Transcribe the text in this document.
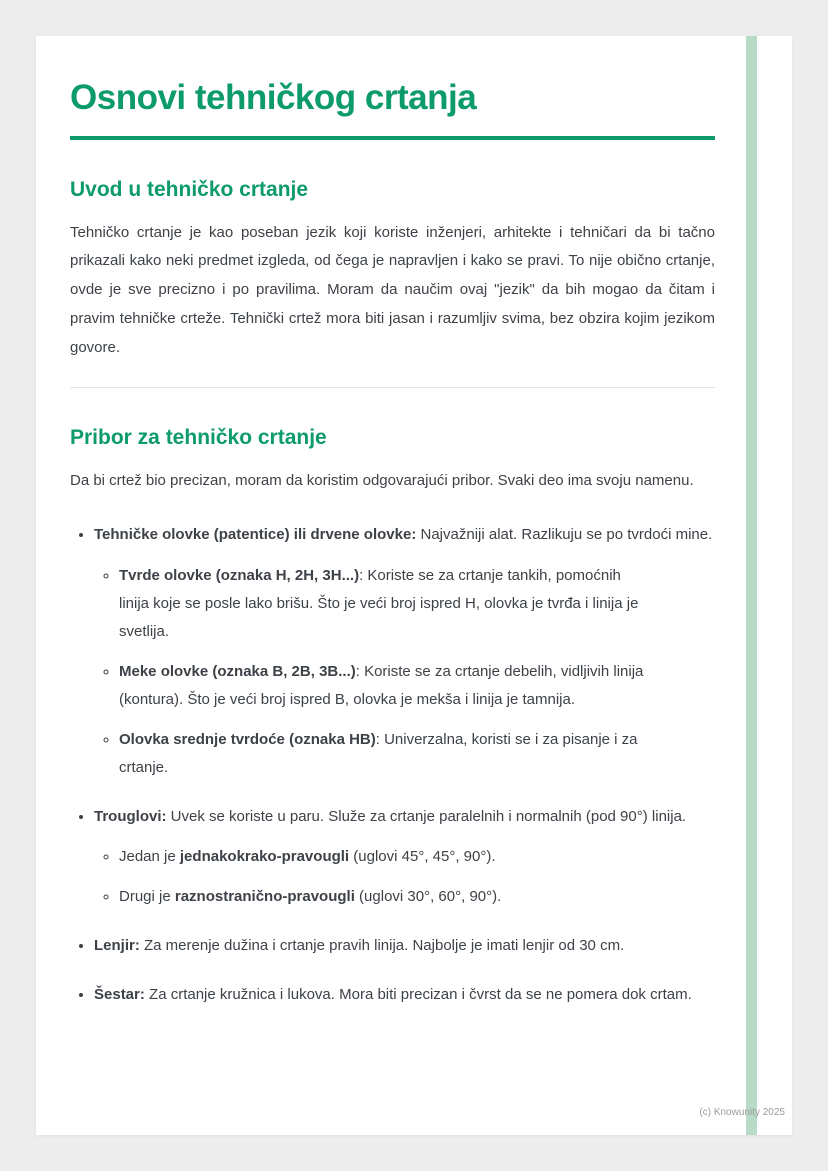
Osnovi tehničkog crtanja
Uvod u tehničko crtanje

Tehničko crtanje je kao poseban jezik koji koriste inženjeri, arhitekte i tehničari da bi tačno prikazali kako neki predmet izgleda, od čega je napravljen i kako se pravi. To nije obično crtanje, ovde je sve precizno i po pravilima. Moram da naučim ovaj "jezik" da bih mogao da čitam i pravim tehničke crteže. Tehnički crtež mora biti jasan i razumljiv svima, bez obzira kojim jezikom govore.

Pribor za tehničko crtanje

Da bi crtež bio precizan, moram da koristim odgovarajući pribor. Svaki deo ima svoju namenu.

• Tehničke olovke (patentice) ili drvene olovke: Najvažniji alat. Razlikuju se po tvrdoći mine.
◦ Tvrde olovke (oznaka H, 2H, 3H...): Koriste se za crtanje tankih, pomoćnih linija koje se posle lako brišu. Što je veći broj ispred H, olovka je tvrđa i linija je svetlija.
◦ Meke olovke (oznaka B, 2B, 3B...): Koriste se za crtanje debelih, vidljivih linija (kontura). Što je veći broj ispred B, olovka je mekša i linija je tamnija.
◦ Olovka srednje tvrdoće (oznaka HB): Univerzalna, koristi se i za pisanje i za crtanje.
• Trouglovi: Uvek se koriste u paru. Služe za crtanje paralelnih i normalnih (pod 90°) linija.
◦ Jedan je jednakokrako-pravougli (uglovi 45°, 45°, 90°).
◦ Drugi je raznostranično-pravougli (uglovi 30°, 60°, 90°).
• Lenjir: Za merenje dužina i crtanje pravih linija. Najbolje je imati lenjir od 30 cm.
• Šestar: Za crtanje kružnica i lukova. Mora biti precizan i čvrst da se ne pomera dok crtam.
(c) Knowunity 2025
